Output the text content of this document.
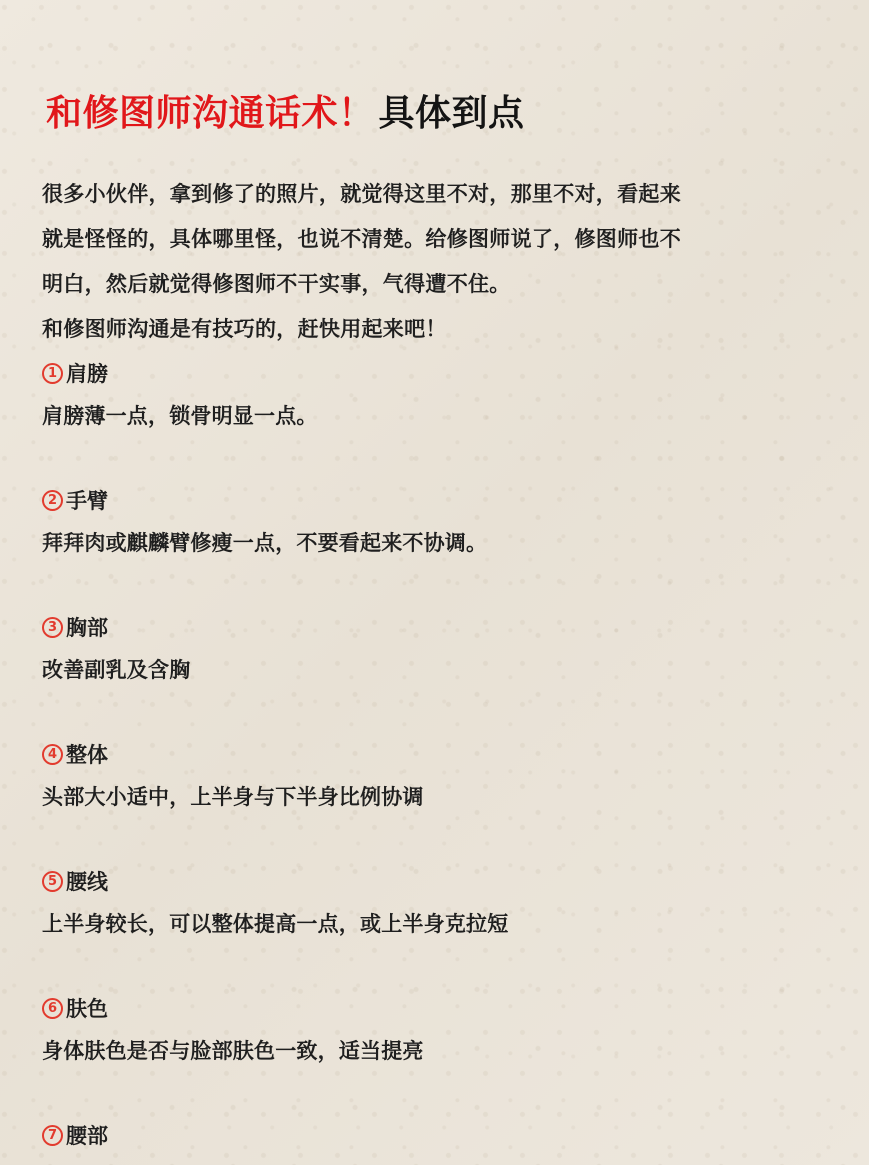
和修图师沟通话术！ 具体到点

很多小伙伴，拿到修了的照片，就觉得这里不对，那里不对，看起来

就是怪怪的，具体哪里怪，也说不清楚。给修图师说了，修图师也不

明白，然后就觉得修图师不干实事，气得遭不住。

和修图师沟通是有技巧的，赶快用起来吧！

1 肩膀
肩膀薄一点，锁骨明显一点。
2 手臂
拜拜肉或麒麟臂修瘦一点，不要看起来不协调。
3 胸部
改善副乳及含胸
4 整体
头部大小适中，上半身与下半身比例协调
5 腰线
上半身较长，可以整体提高一点，或上半身克拉短
6 肤色
身体肤色是否与脸部肤色一致，适当提亮
7 腰部
